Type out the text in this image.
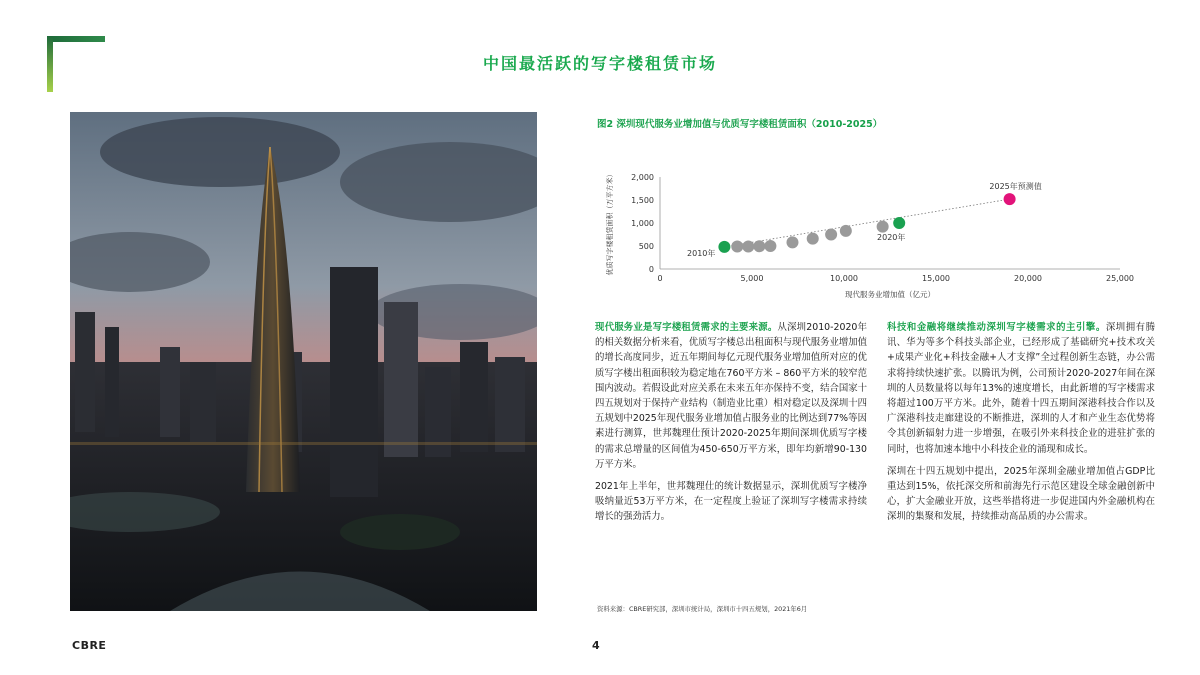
中国最活跃的写字楼租赁市场
图2 深圳现代服务业增加值与优质写字楼租赁面积（2010-2025）
0
500
1,000
1,500
2,000
0	5,000	10,000	15,000	20,000	25,000
现代服务业增加值（亿元）
优质写字楼租赁面积（万平方米）	2010年
2020年
2025年预测值

现代服务业是写字楼租赁需求的主要来源。从深圳2010-2020年的相关数据分析来看，优质写字楼总出租面积与现代服务业增加值的增长高度同步，近五年期间每亿元现代服务业增加值所对应的优质写字楼出租面积较为稳定地在760平方米 – 860平方米的较窄范围内波动。若假设此对应关系在未来五年亦保持不变，结合国家十四五规划对于保持产业结构（制造业比重）相对稳定以及深圳十四五规划中2025年现代服务业增加值占服务业的比例达到77%等因素进行测算，世邦魏理仕预计2020-2025年期间深圳优质写字楼的需求总增量的区间值为450-650万平方米，即年均新增90-130万平方米。

2021年上半年，世邦魏理仕的统计数据显示，深圳优质写字楼净吸纳量近53万平方米，在一定程度上验证了深圳写字楼需求持续增长的强劲活力。

科技和金融将继续推动深圳写字楼需求的主引擎。深圳拥有腾讯、华为等多个科技头部企业，已经形成了基础研究+技术攻关+成果产业化+科技金融+人才支撑”全过程创新生态链，办公需求将持续快速扩张。以腾讯为例，公司预计2020-2027年间在深圳的人员数量将以每年13%的速度增长，由此新增的写字楼需求将超过100万平方米。此外，随着十四五期间深港科技合作以及广深港科技走廊建设的不断推进，深圳的人才和产业生态优势将令其创新辐射力进一步增强，在吸引外来科技企业的进驻扩张的同时，也将加速本地中小科技企业的涌现和成长。

深圳在十四五规划中提出，2025年深圳金融业增加值占GDP比重达到15%，依托深交所和前海先行示范区建设全球金融创新中心，扩大金融业开放，这些举措将进一步促进国内外金融机构在深圳的集聚和发展，持续推动高品质的办公需求。

资料来源：CBRE研究部，深圳市统计局，深圳市十四五规划，2021年6月
CBRE	4
